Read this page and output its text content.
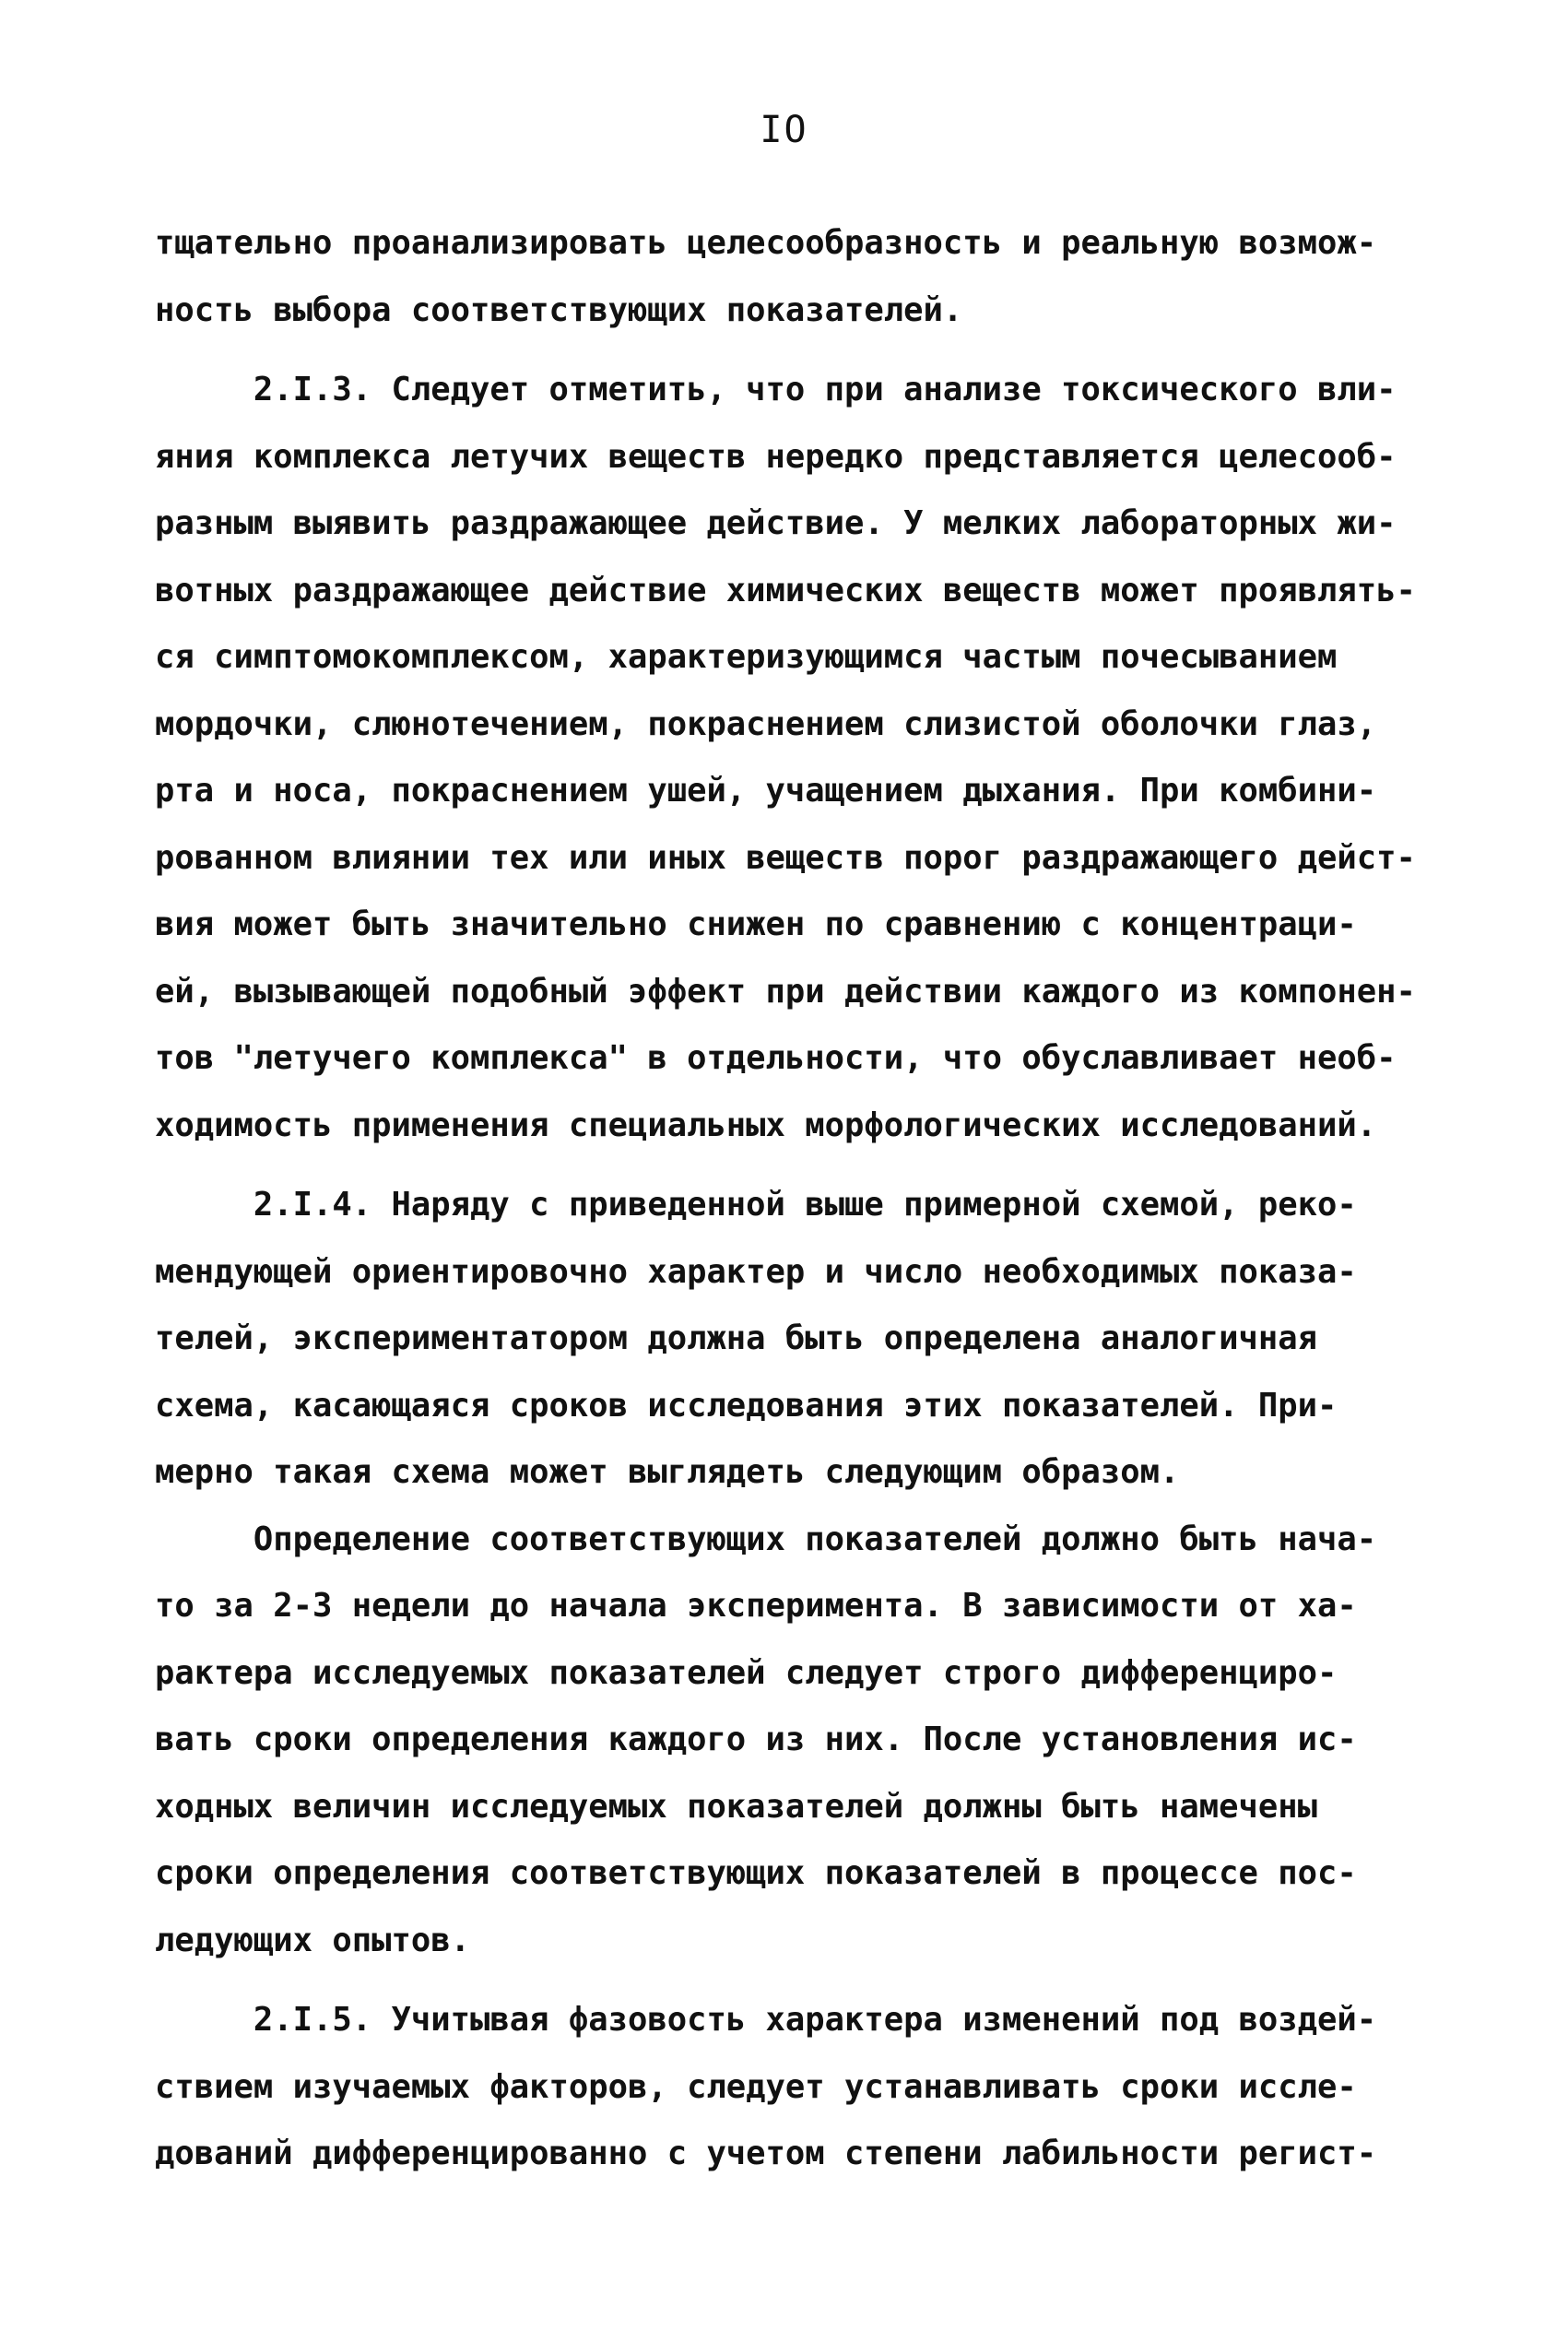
IO
тщательно проанализировать целесообразность и реальную возмож-
ность выбора соответствующих показателей.
2.I.3. Следует отметить, что при анализе токсического вли-
яния комплекса летучих веществ нередко представляется целесооб-
разным выявить раздражающее действие. У мелких лабораторных жи-
вотных раздражающее действие химических веществ может проявлять-
ся симптомокомплексом, характеризующимся частым почесыванием
мордочки, слюнотечением, покраснением слизистой оболочки глаз,
рта и носа, покраснением ушей, учащением дыхания. При комбини-
рованном влиянии тех или иных веществ порог раздражающего дейст-
вия может быть значительно снижен по сравнению с концентраци-
ей, вызывающей подобный эффект при действии каждого из компонен-
тов "летучего комплекса" в отдельности, что обуславливает необ-
ходимость применения специальных морфологических исследований.
2.I.4. Наряду с приведенной выше примерной схемой, реко-
мендующей ориентировочно характер и число необходимых показа-
телей, экспериментатором должна быть определена аналогичная
схема, касающаяся сроков исследования этих показателей. При-
мерно такая схема может выглядеть следующим образом.
Определение соответствующих показателей должно быть нача-
то за 2-3 недели до начала эксперимента. В зависимости от ха-
рактера исследуемых показателей следует строго дифференциро-
вать сроки определения каждого из них. После установления ис-
ходных величин исследуемых показателей должны быть намечены
сроки определения соответствующих показателей в процессе пос-
ледующих опытов.
2.I.5. Учитывая фазовость характера изменений под воздей-
ствием изучаемых факторов, следует устанавливать сроки иссле-
дований дифференцированно с учетом степени лабильности регист-
